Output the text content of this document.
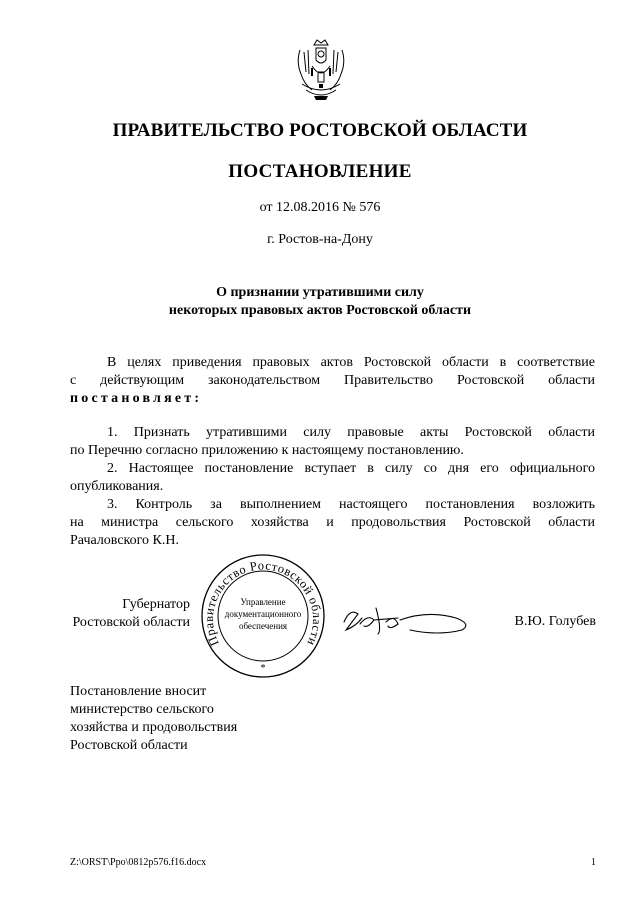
ПРАВИТЕЛЬСТВО РОСТОВСКОЙ ОБЛАСТИ
ПОСТАНОВЛЕНИЕ
от 12.08.2016 № 576
г. Ростов-на-Дону
О признании утратившими силу
некоторых правовых актов Ростовской области
В целях приведения правовых актов Ростовской области в соответствие
с действующим законодательством Правительство Ростовской области
постановляет:
1. Признать утратившими силу правовые акты Ростовской области
по Перечню согласно приложению к настоящему постановлению.
2. Настоящее постановление вступает в силу со дня его официального
опубликования.
3. Контроль за выполнением настоящего постановления возложить
на министра сельского хозяйства и продовольствия Ростовской области
Рачаловского К.Н.
Губернатор
Ростовской области
Правительство Ростовской области
Управление
документационного
обеспечения
*
В.Ю. Голубев
Постановление вносит
министерство сельского
хозяйства и продовольствия
Ростовской области
Z:\ORST\Ppo\0812p576.f16.docx	1
